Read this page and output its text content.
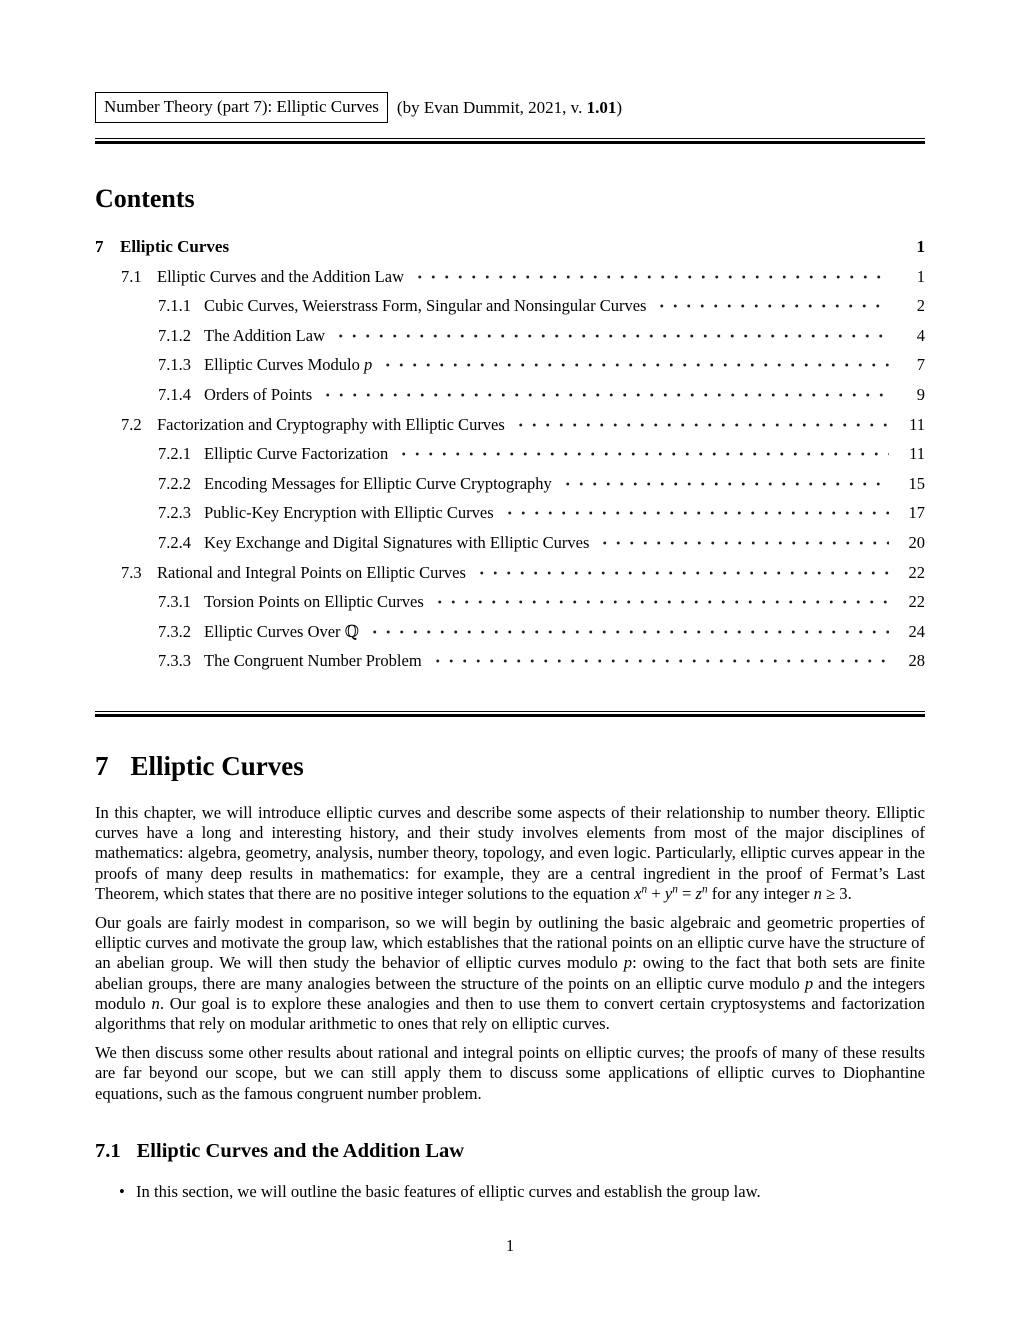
Number Theory (part 7): Elliptic Curves	(by Evan Dummit, 2021, v. 1.01)
Contents
7 Elliptic Curves	1
7.1 Elliptic Curves and the Addition Law	1
7.1.1 Cubic Curves, Weierstrass Form, Singular and Nonsingular Curves	2
7.1.2 The Addition Law	4
7.1.3 Elliptic Curves Modulo p	7
7.1.4 Orders of Points	9
7.2 Factorization and Cryptography with Elliptic Curves	11
7.2.1 Elliptic Curve Factorization	11
7.2.2 Encoding Messages for Elliptic Curve Cryptography	15
7.2.3 Public-Key Encryption with Elliptic Curves	17
7.2.4 Key Exchange and Digital Signatures with Elliptic Curves	20
7.3 Rational and Integral Points on Elliptic Curves	22
7.3.1 Torsion Points on Elliptic Curves	22
7.3.2 Elliptic Curves Over ℚ	24
7.3.3 The Congruent Number Problem	28
7 Elliptic Curves

In this chapter, we will introduce elliptic curves and describe some aspects of their relationship to number theory. Elliptic curves have a long and interesting history, and their study involves elements from most of the major disciplines of mathematics: algebra, geometry, analysis, number theory, topology, and even logic. Particularly, elliptic curves appear in the proofs of many deep results in mathematics: for example, they are a central ingredient in the proof of Fermat’s Last Theorem, which states that there are no positive integer solutions to the equation $x^n + y^n = z^n$ for any integer n ≥ 3.

Our goals are fairly modest in comparison, so we will begin by outlining the basic algebraic and geometric properties of elliptic curves and motivate the group law, which establishes that the rational points on an elliptic curve have the structure of an abelian group. We will then study the behavior of elliptic curves modulo p: owing to the fact that both sets are finite abelian groups, there are many analogies between the structure of the points on an elliptic curve modulo p and the integers modulo n. Our goal is to explore these analogies and then to use them to convert certain cryptosystems and factorization algorithms that rely on modular arithmetic to ones that rely on elliptic curves.

We then discuss some other results about rational and integral points on elliptic curves; the proofs of many of these results are far beyond our scope, but we can still apply them to discuss some applications of elliptic curves to Diophantine equations, such as the famous congruent number problem.

7.1 Elliptic Curves and the Addition Law
• In this section, we will outline the basic features of elliptic curves and establish the group law.
1
